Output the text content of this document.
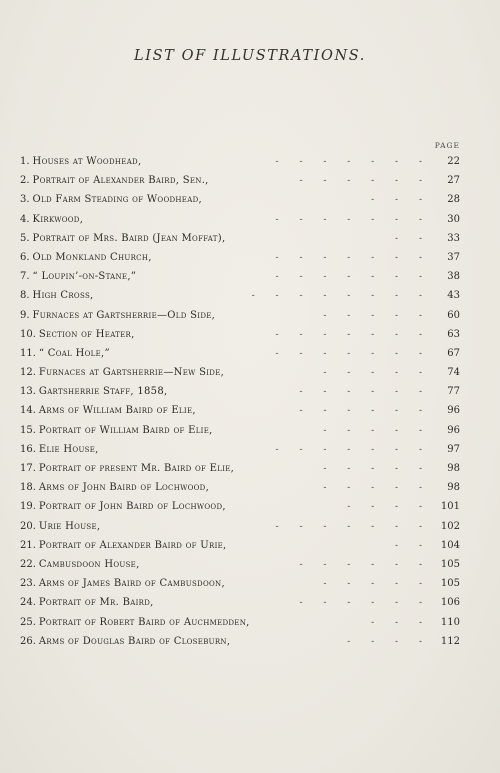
LIST OF ILLUSTRATIONS.
PAGE
1. Houses at Woodhead,	- - - - - - -	22
2. Portrait of Alexander Baird, Sen.,	- - - - - -	27
3. Old Farm Steading of Woodhead,	- - -	28
4. Kirkwood,	- - - - - - -	30
5. Portrait of Mrs. Baird (Jean Moffat),	- -	33
6. Old Monkland Church,	- - - - - - -	37
7. “ Loupin’-on-Stane,”	- - - - - - -	38
8. High Cross,	- - - - - - - -	43
9. Furnaces at Gartsherrie—Old Side,	- - - - -	60
10. Section of Heater,	- - - - - - -	63
11. “ Coal Hole,”	- - - - - - -	67
12. Furnaces at Gartsherrie—New Side,	- - - - -	74
13. Gartsherrie Staff, 1858,	- - - - - -	77
14. Arms of William Baird of Elie,	- - - - - -	96
15. Portrait of William Baird of Elie,	- - - - -	96
16. Elie House,	- - - - - - -	97
17. Portrait of present Mr. Baird of Elie,	- - - - -	98
18. Arms of John Baird of Lochwood,	- - - - -	98
19. Portrait of John Baird of Lochwood,	- - - -	101
20. Urie House,	- - - - - - -	102
21. Portrait of Alexander Baird of Urie,	- -	104
22. Cambusdoon House,	- - - - - -	105
23. Arms of James Baird of Cambusdoon,	- - - - -	105
24. Portrait of Mr. Baird,	- - - - - -	106
25. Portrait of Robert Baird of Auchmedden,	- - -	110
26. Arms of Douglas Baird of Closeburn,	- - - -	112
